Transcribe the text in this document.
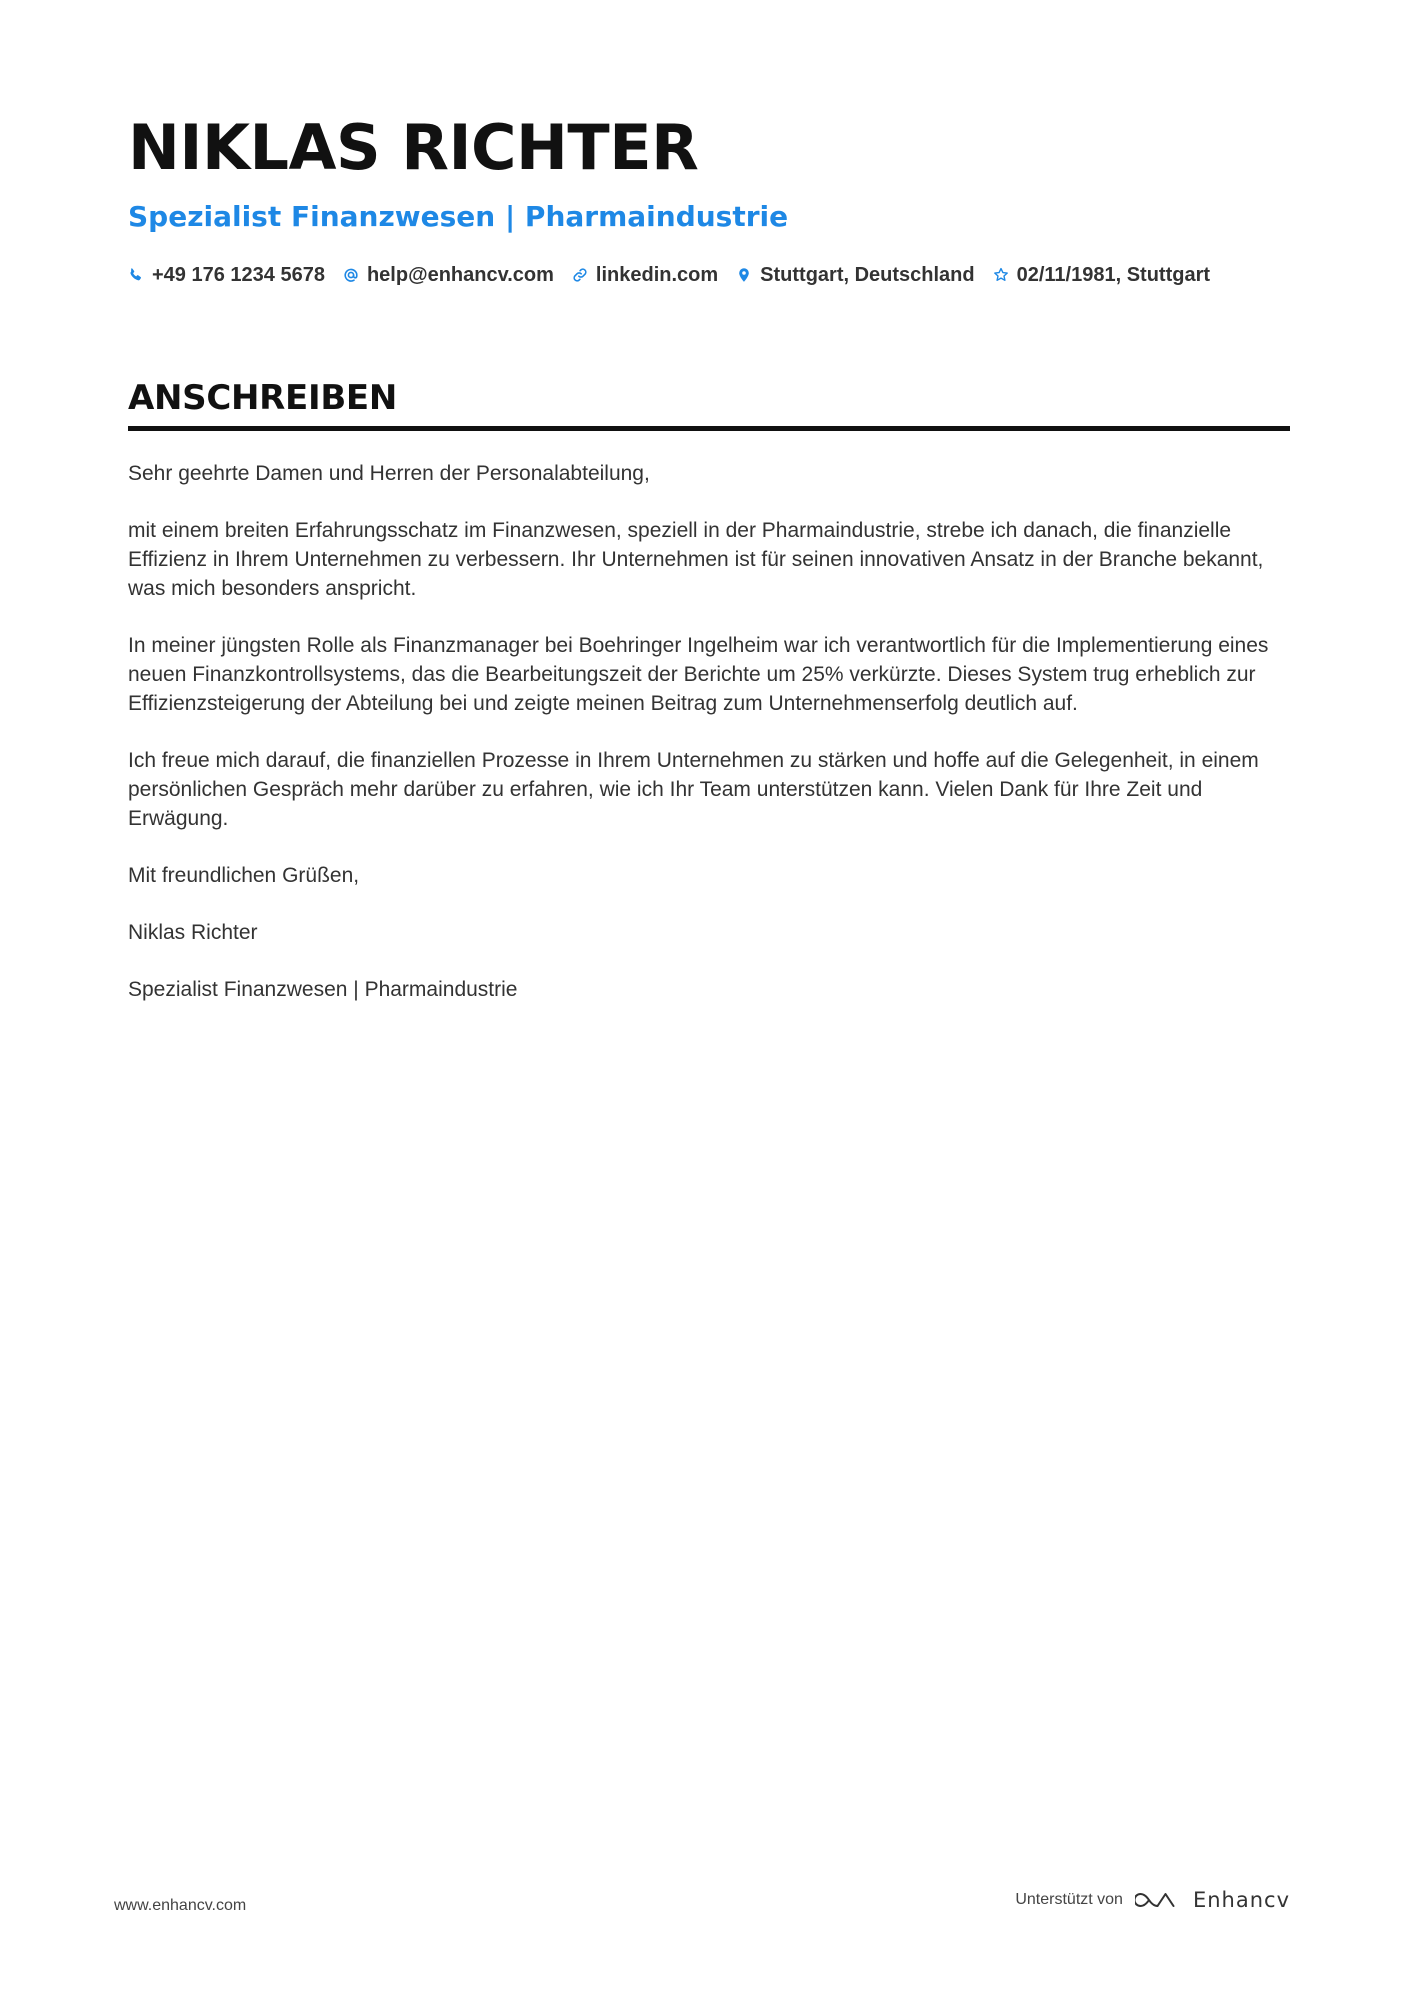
NIKLAS RICHTER
Spezialist Finanzwesen | Pharmaindustrie
+49 176 1234 5678 help@enhancv.com linkedin.com Stuttgart, Deutschland 02/11/1981, Stuttgart
ANSCHREIBEN

Sehr geehrte Damen und Herren der Personalabteilung,

mit einem breiten Erfahrungsschatz im Finanzwesen, speziell in der Pharmaindustrie, strebe ich danach, die finanzielle Effizienz in Ihrem Unternehmen zu verbessern. Ihr Unternehmen ist für seinen innovativen Ansatz in der Branche bekannt, was mich besonders anspricht.

In meiner jüngsten Rolle als Finanzmanager bei Boehringer Ingelheim war ich verantwortlich für die Implementierung eines neuen Finanzkontrollsystems, das die Bearbeitungszeit der Berichte um 25% verkürzte. Dieses System trug erheblich zur Effizienzsteigerung der Abteilung bei und zeigte meinen Beitrag zum Unternehmenserfolg deutlich auf.

Ich freue mich darauf, die finanziellen Prozesse in Ihrem Unternehmen zu stärken und hoffe auf die Gelegenheit, in einem persönlichen Gespräch mehr darüber zu erfahren, wie ich Ihr Team unterstützen kann. Vielen Dank für Ihre Zeit und Erwägung.

Mit freundlichen Grüßen,

Niklas Richter

Spezialist Finanzwesen | Pharmaindustrie

www.enhancv.com	Unterstützt von	Enhancv
